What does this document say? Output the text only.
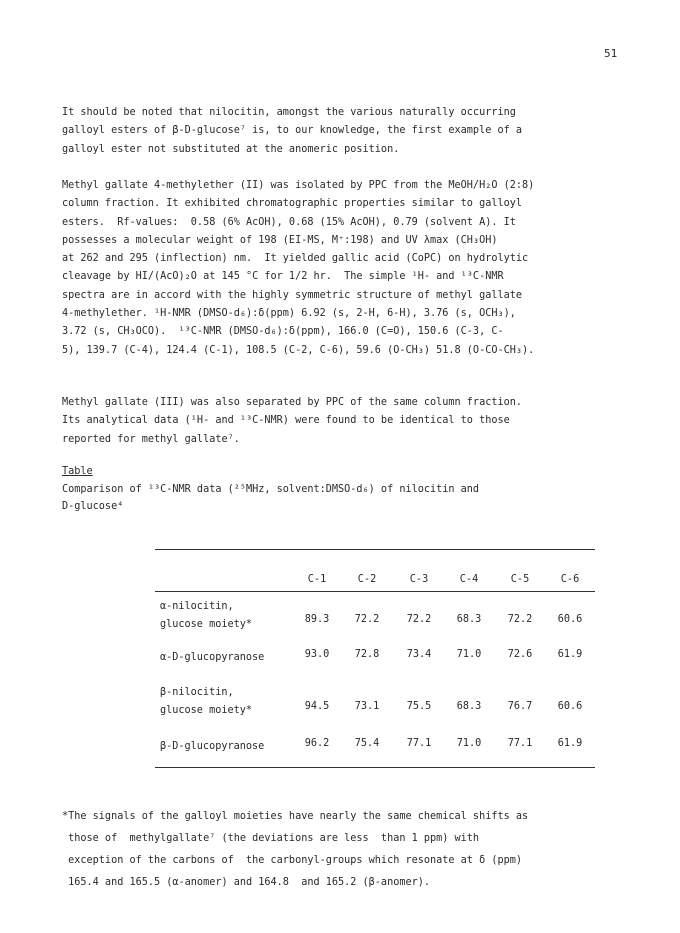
51

It should be noted that nilocitin, amongst the various naturally occurring
galloyl esters of β-D-glucose⁷ is, to our knowledge, the first example of a
galloyl ester not substituted at the anomeric position.

Methyl gallate 4-methylether (II) was isolated by PPC from the MeOH/H₂O (2:8)
column fraction. It exhibited chromatographic properties similar to galloyl
esters.  Rf-values:  0.58 (6% AcOH), 0.68 (15% AcOH), 0.79 (solvent A). It
possesses a molecular weight of 198 (EI-MS, M⁺:198) and UV λmax (CH₃OH)
at 262 and 295 (inflection) nm.  It yielded gallic acid (CoPC) on hydrolytic
cleavage by HI/(AcO)₂O at 145 °C for 1/2 hr.  The simple ¹H- and ¹³C-NMR
spectra are in accord with the highly symmetric structure of methyl gallate
4-methylether. ¹H-NMR (DMSO-d₆):δ(ppm) 6.92 (s, 2-H, 6-H), 3.76 (s, OCH₃),
3.72 (s, CH₃OCO).  ¹³C-NMR (DMSO-d₆):δ(ppm), 166.0 (C=O), 150.6 (C-3, C-
5), 139.7 (C-4), 124.4 (C-1), 108.5 (C-2, C-6), 59.6 (O-CH₃) 51.8 (O-CO-CH₃).

Methyl gallate (III) was also separated by PPC of the same column fraction.
Its analytical data (¹H- and ¹³C-NMR) were found to be identical to those
reported for methyl gallate⁷.

Table
Comparison of ¹³C-NMR data (²⁵MHz, solvent:DMSO-d₆) of nilocitin and
D-glucose⁴
C-1	C-2	C-3	C-4	C-5	C-6
α-nilocitin,
glucose moiety*	89.3	72.2	72.2	68.3	72.2	60.6
α-D-glucopyranose	93.0	72.8	73.4	71.0	72.6	61.9
β-nilocitin,
glucose moiety*	94.5	73.1	75.5	68.3	76.7	60.6
β-D-glucopyranose	96.2	75.4	77.1	71.0	77.1	61.9

*The signals of the galloyl moieties have nearly the same chemical shifts as
those of  methylgallate⁷ (the deviations are less  than 1 ppm) with
exception of the carbons of  the carbonyl-groups which resonate at δ (ppm)
165.4 and 165.5 (α-anomer) and 164.8  and 165.2 (β-anomer).
